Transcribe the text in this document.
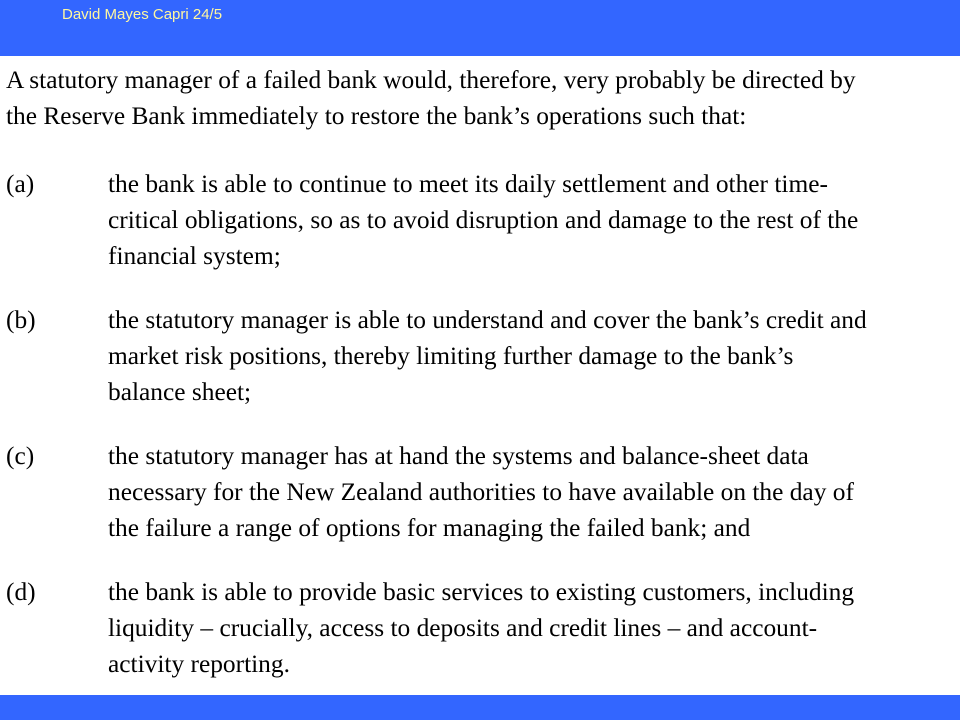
David Mayes Capri 24/5
A statutory manager of a failed bank would, therefore, very probably be directed by
the Reserve Bank immediately to restore the bank’s operations such that:
(a)	the bank is able to continue to meet its daily settlement and other time-
critical obligations, so as to avoid disruption and damage to the rest of the
financial system;
(b)	the statutory manager is able to understand and cover the bank’s credit and
market risk positions, thereby limiting further damage to the bank’s
balance sheet;
(c)	the statutory manager has at hand the systems and balance-sheet data
necessary for the New Zealand authorities to have available on the day of
the failure a range of options for managing the failed bank; and
(d)	the bank is able to provide basic services to existing customers, including
liquidity – crucially, access to deposits and credit lines – and account-
activity reporting.
